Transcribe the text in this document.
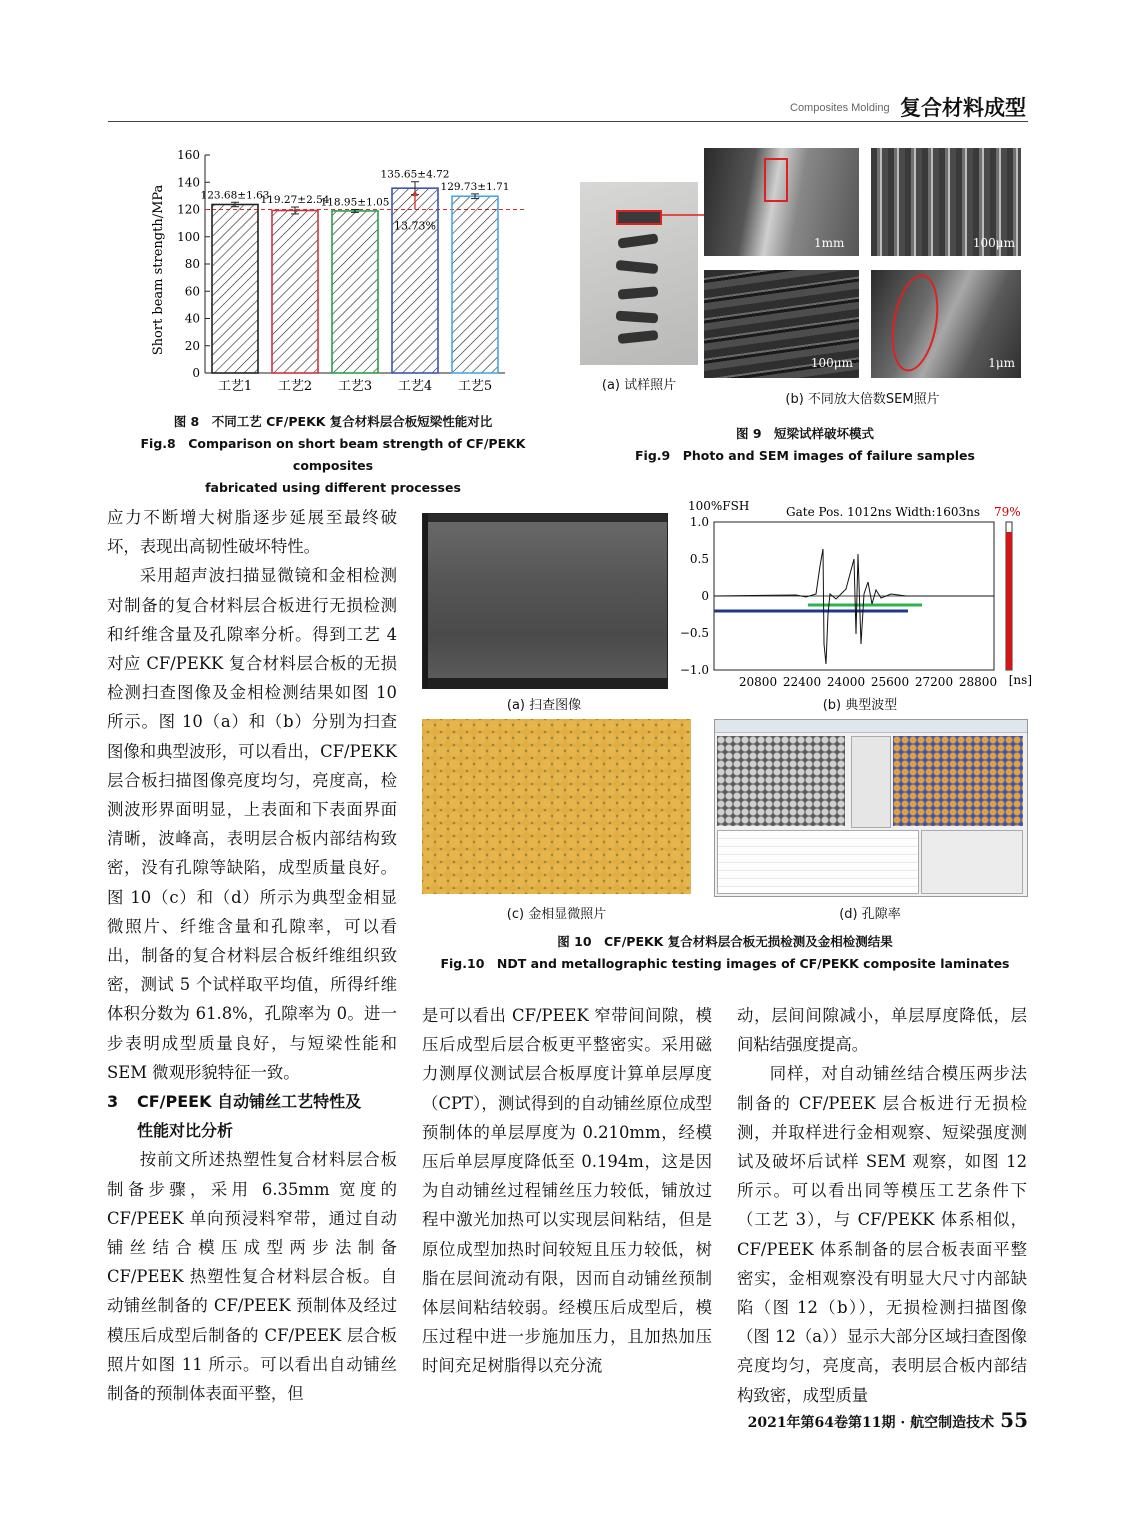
Composites Molding 复合材料成型
0
20
40
60
80
100
120
140
160
123.68±1.63
工艺1
119.27±2.54
工艺2
118.95±1.05
工艺3
135.65±4.72
工艺4
129.73±1.71
工艺5
13.73%
Short beam strength/MPa
图 8　不同工艺 CF/PEKK 复合材料层合板短梁性能对比
Fig.8　Comparison on short beam strength of CF/PEKK composites
fabricated using different processes
1mm	100μm
100μm	1μm
(a) 试样照片
(b) 不同放大倍数SEM照片
图 9　短梁试样破坏模式
Fig.9　Photo and SEM images of failure samples
100%FSH	Gate Pos. 1012ns Width:1603ns 79%
1.0
0.5
0
−0.5
−1.0
20800 22400 24000 25600 27200 28800 [ns]
(a) 扫查图像	(b) 典型波型
(c) 金相显微照片	(d) 孔隙率
图 10　CF/PEKK 复合材料层合板无损检测及金相检测结果
Fig.10　NDT and metallographic testing images of CF/PEKK composite laminates

应力不断增大树脂逐步延展至最终破坏，表现出高韧性破坏特性。

采用超声波扫描显微镜和金相检测对制备的复合材料层合板进行无损检测和纤维含量及孔隙率分析。得到工艺 4 对应 CF/PEKK 复合材料层合板的无损检测扫查图像及金相检测结果如图 10 所示。图 10（a）和（b）分别为扫查图像和典型波形，可以看出，CF/PEKK 层合板扫描图像亮度均匀，亮度高，检测波形界面明显，上表面和下表面界面清晰，波峰高，表明层合板内部结构致密，没有孔隙等缺陷，成型质量良好。图 10（c）和（d）所示为典型金相显微照片、纤维含量和孔隙率，可以看出，制备的复合材料层合板纤维组织致密，测试 5 个试样取平均值，所得纤维体积分数为 61.8%，孔隙率为 0。进一步表明成型质量良好，与短梁性能和 SEM 微观形貌特征一致。

3	CF/PEEK 自动铺丝工艺特性及
性能对比分析

按前文所述热塑性复合材料层合板制备步骤，采用 6.35mm 宽度的 CF/PEEK 单向预浸料窄带，通过自动铺丝结合模压成型两步法制备 CF/PEEK 热塑性复合材料层合板。自动铺丝制备的 CF/PEEK 预制体及经过模压后成型后制备的 CF/PEEK 层合板照片如图 11 所示。可以看出自动铺丝制备的预制体表面平整，但

是可以看出 CF/PEEK 窄带间间隙，模压后成型后层合板更平整密实。采用磁力测厚仪测试层合板厚度计算单层厚度（CPT），测试得到的自动铺丝原位成型预制体的单层厚度为 0.210mm，经模压后单层厚度降低至 0.194m，这是因为自动铺丝过程铺丝压力较低，铺放过程中激光加热可以实现层间粘结，但是原位成型加热时间较短且压力较低，树脂在层间流动有限，因而自动铺丝预制体层间粘结较弱。经模压后成型后，模压过程中进一步施加压力，且加热加压时间充足树脂得以充分流

动，层间间隙减小，单层厚度降低，层间粘结强度提高。

同样，对自动铺丝结合模压两步法制备的 CF/PEEK 层合板进行无损检测，并取样进行金相观察、短梁强度测试及破坏后试样 SEM 观察，如图 12 所示。可以看出同等模压工艺条件下（工艺 3），与 CF/PEKK 体系相似，CF/PEEK 体系制备的层合板表面平整密实，金相观察没有明显大尺寸内部缺陷（图 12（b）），无损检测扫描图像（图 12（a））显示大部分区域扫查图像亮度均匀，亮度高，表明层合板内部结构致密，成型质量

2021年第64卷第11期 · 航空制造技术 55
